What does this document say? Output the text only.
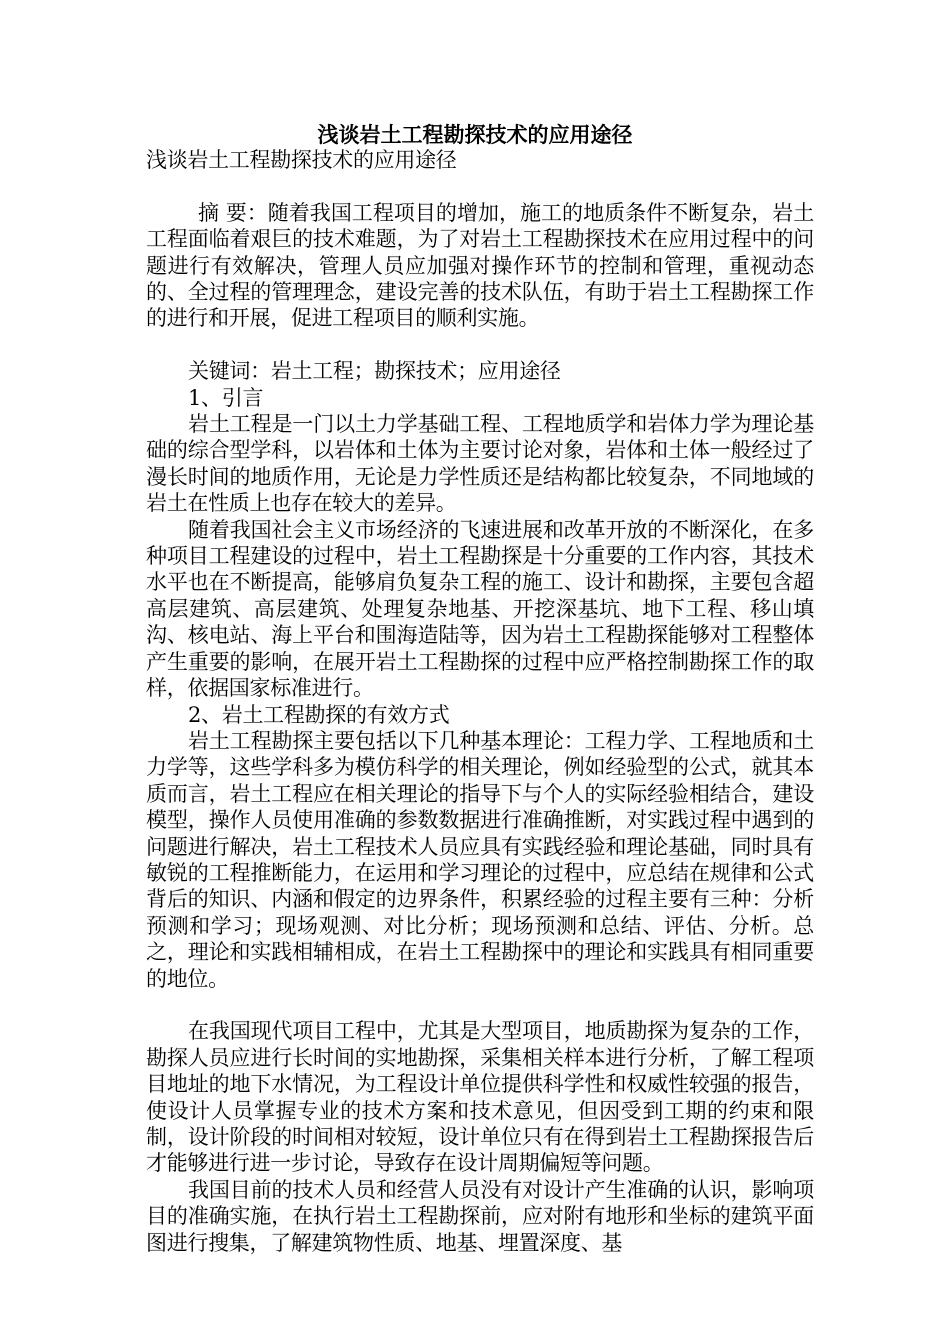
浅谈岩土工程勘探技术的应用途径

浅谈岩土工程勘探技术的应用途径

摘 要：随着我国工程项目的增加，施工的地质条件不断复杂，岩土工程面临着艰巨的技术难题，为了对岩土工程勘探技术在应用过程中的问题进行有效解决，管理人员应加强对操作环节的控制和管理，重视动态的、全过程的管理理念，建设完善的技术队伍，有助于岩土工程勘探工作的进行和开展，促进工程项目的顺利实施。

关键词：岩土工程；勘探技术；应用途径

1、引言

岩土工程是一门以土力学基础工程、工程地质学和岩体力学为理论基础的综合型学科，以岩体和土体为主要讨论对象，岩体和土体一般经过了漫长时间的地质作用，无论是力学性质还是结构都比较复杂，不同地域的岩土在性质上也存在较大的差异。

随着我国社会主义市场经济的飞速进展和改革开放的不断深化，在多种项目工程建设的过程中，岩土工程勘探是十分重要的工作内容，其技术水平也在不断提高，能够肩负复杂工程的施工、设计和勘探，主要包含超高层建筑、高层建筑、处理复杂地基、开挖深基坑、地下工程、移山填沟、核电站、海上平台和围海造陆等，因为岩土工程勘探能够对工程整体产生重要的影响，在展开岩土工程勘探的过程中应严格控制勘探工作的取样，依据国家标准进行。

2、岩土工程勘探的有效方式

岩土工程勘探主要包括以下几种基本理论：工程力学、工程地质和土力学等，这些学科多为模仿科学的相关理论，例如经验型的公式，就其本质而言，岩土工程应在相关理论的指导下与个人的实际经验相结合，建设模型，操作人员使用准确的参数数据进行准确推断，对实践过程中遇到的问题进行解决，岩土工程技术人员应具有实践经验和理论基础，同时具有敏锐的工程推断能力，在运用和学习理论的过程中，应总结在规律和公式背后的知识、内涵和假定的边界条件，积累经验的过程主要有三种：分析预测和学习；现场观测、对比分析；现场预测和总结、评估、分析。总之，理论和实践相辅相成，在岩土工程勘探中的理论和实践具有相同重要的地位。

在我国现代项目工程中，尤其是大型项目，地质勘探为复杂的工作，勘探人员应进行长时间的实地勘探，采集相关样本进行分析，了解工程项目地址的地下水情况，为工程设计单位提供科学性和权威性较强的报告，使设计人员掌握专业的技术方案和技术意见，但因受到工期的约束和限制，设计阶段的时间相对较短，设计单位只有在得到岩土工程勘探报告后才能够进行进一步讨论，导致存在设计周期偏短等问题。

我国目前的技术人员和经营人员没有对设计产生准确的认识，影响项目的准确实施，在执行岩土工程勘探前，应对附有地形和坐标的建筑平面图进行搜集，了解建筑物性质、地基、埋置深度、基
